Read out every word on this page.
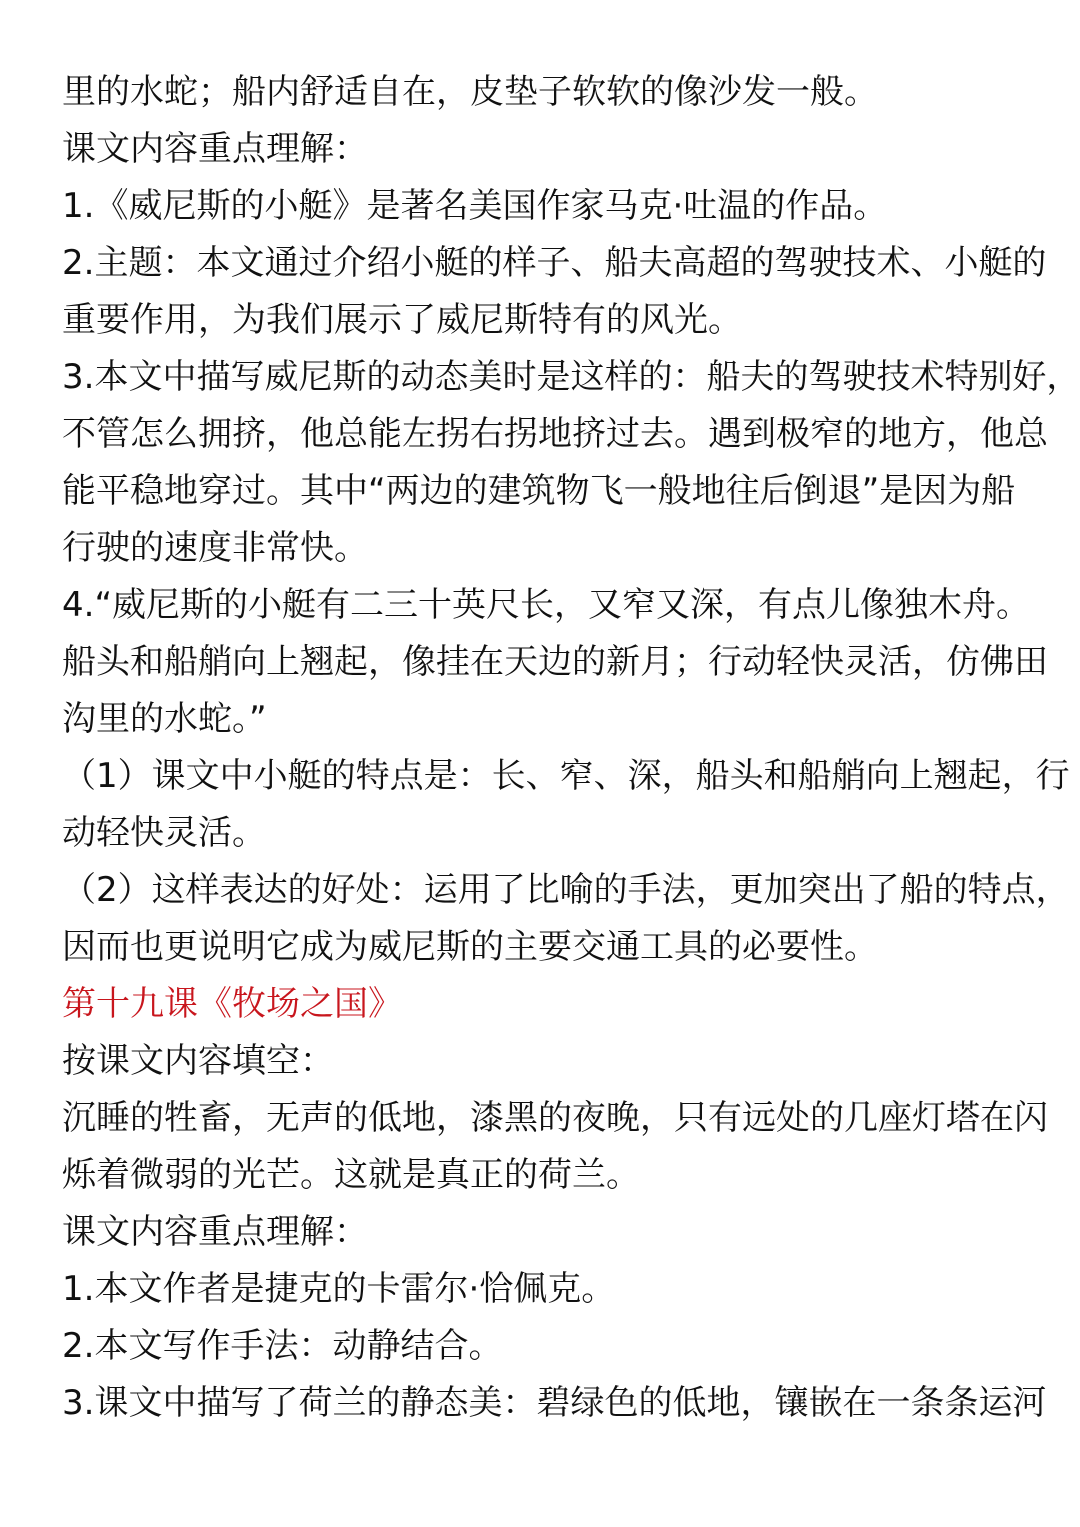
里的水蛇；船内舒适自在，皮垫子软软的像沙发一般。

课文内容重点理解：

1.《威尼斯的小艇》是著名美国作家马克·吐温的作品。

2.主题：本文通过介绍小艇的样子、船夫高超的驾驶技术、小艇的

重要作用，为我们展示了威尼斯特有的风光。

3.本文中描写威尼斯的动态美时是这样的：船夫的驾驶技术特别好，

不管怎么拥挤，他总能左拐右拐地挤过去。遇到极窄的地方，他总

能平稳地穿过。其中“两边的建筑物飞一般地往后倒退”是因为船

行驶的速度非常快。

4.“威尼斯的小艇有二三十英尺长，又窄又深，有点儿像独木舟。

船头和船艄向上翘起，像挂在天边的新月；行动轻快灵活，仿佛田

沟里的水蛇。”

（1）课文中小艇的特点是：长、窄、深，船头和船艄向上翘起，行

动轻快灵活。

（2）这样表达的好处：运用了比喻的手法，更加突出了船的特点，

因而也更说明它成为威尼斯的主要交通工具的必要性。

第十九课《牧场之国》

按课文内容填空：

沉睡的牲畜，无声的低地，漆黑的夜晚，只有远处的几座灯塔在闪

烁着微弱的光芒。这就是真正的荷兰。

课文内容重点理解：

1.本文作者是捷克的卡雷尔·恰佩克。

2.本文写作手法：动静结合。

3.课文中描写了荷兰的静态美：碧绿色的低地，镶嵌在一条条运河
